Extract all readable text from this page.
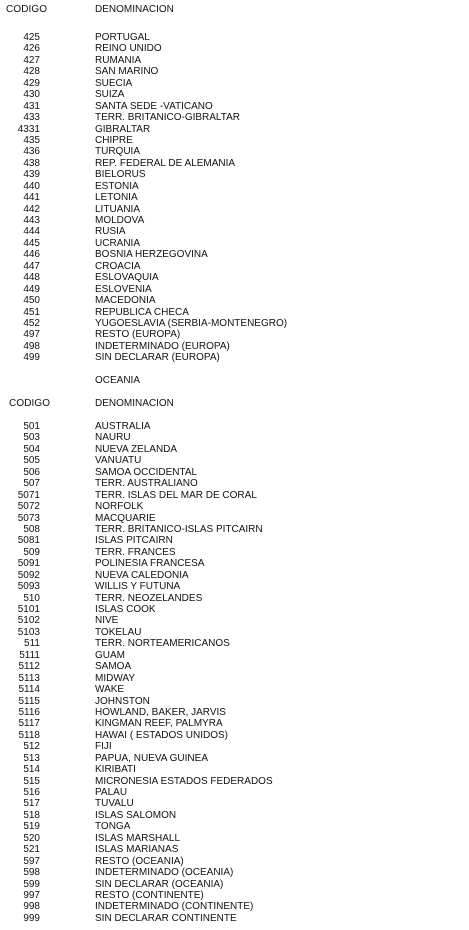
CODIGO	DENOMINACION
425	PORTUGAL
426	REINO UNIDO
427	RUMANIA
428	SAN MARINO
429	SUECIA
430	SUIZA
431	SANTA SEDE -VATICANO
433	TERR. BRITANICO-GIBRALTAR
4331	GIBRALTAR
435	CHIPRE
436	TURQUIA
438	REP. FEDERAL DE ALEMANIA
439	BIELORUS
440	ESTONIA
441	LETONIA
442	LITUANIA
443	MOLDOVA
444	RUSIA
445	UCRANIA
446	BOSNIA HERZEGOVINA
447	CROACIA
448	ESLOVAQUIA
449	ESLOVENIA
450	MACEDONIA
451	REPUBLICA CHECA
452	YUGOESLAVIA (SERBIA-MONTENEGRO)
497	RESTO (EUROPA)
498	INDETERMINADO (EUROPA)
499	SIN DECLARAR (EUROPA)
OCEANIA
CODIGO	DENOMINACION
501	AUSTRALIA
503	NAURU
504	NUEVA ZELANDA
505	VANUATU
506	SAMOA OCCIDENTAL
507	TERR. AUSTRALIANO
5071	TERR. ISLAS DEL MAR DE CORAL
5072	NORFOLK
5073	MACQUARIE
508	TERR. BRITANICO-ISLAS PITCAIRN
5081	ISLAS PITCAIRN
509	TERR. FRANCES
5091	POLINESIA FRANCESA
5092	NUEVA CALEDONIA
5093	WILLIS Y FUTUNA
510	TERR. NEOZELANDES
5101	ISLAS COOK
5102	NIVE
5103	TOKELAU
511	TERR. NORTEAMERICANOS
5111	GUAM
5112	SAMOA
5113	MIDWAY
5114	WAKE
5115	JOHNSTON
5116	HOWLAND, BAKER, JARVIS
5117	KINGMAN REEF, PALMYRA
5118	HAWAI ( ESTADOS UNIDOS)
512	FIJI
513	PAPUA, NUEVA GUINEA
514	KIRIBATI
515	MICRONESIA ESTADOS FEDERADOS
516	PALAU
517	TUVALU
518	ISLAS SALOMON
519	TONGA
520	ISLAS MARSHALL
521	ISLAS MARIANAS
597	RESTO (OCEANIA)
598	INDETERMINADO (OCEANIA)
599	SIN DECLARAR (OCEANIA)
997	RESTO (CONTINENTE)
998	INDETERMINADO (CONTINENTE)
999	SIN DECLARAR CONTINENTE
